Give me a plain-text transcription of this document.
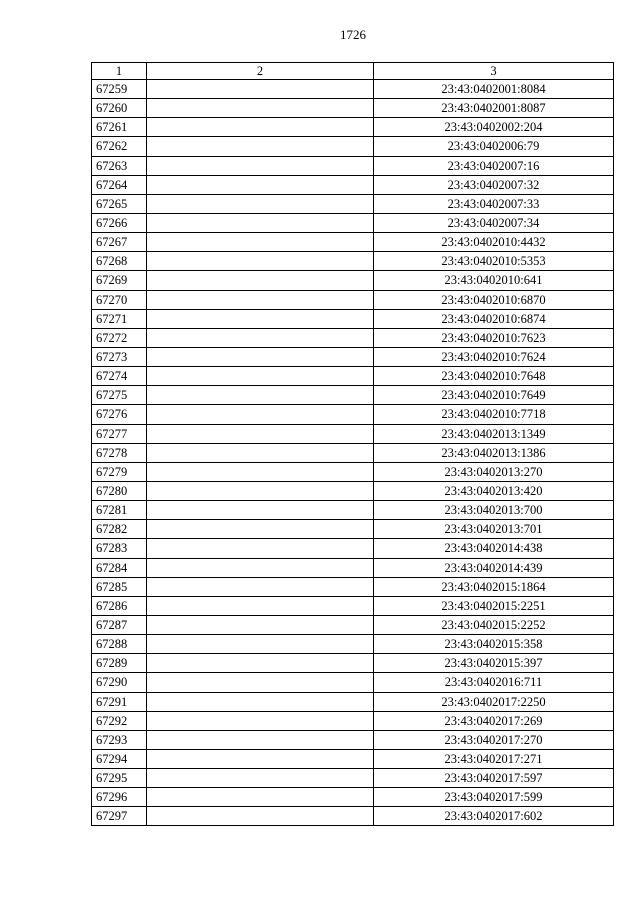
1726
1	2	3
67259		23:43:0402001:8084
67260		23:43:0402001:8087
67261		23:43:0402002:204
67262		23:43:0402006:79
67263		23:43:0402007:16
67264		23:43:0402007:32
67265		23:43:0402007:33
67266		23:43:0402007:34
67267		23:43:0402010:4432
67268		23:43:0402010:5353
67269		23:43:0402010:641
67270		23:43:0402010:6870
67271		23:43:0402010:6874
67272		23:43:0402010:7623
67273		23:43:0402010:7624
67274		23:43:0402010:7648
67275		23:43:0402010:7649
67276		23:43:0402010:7718
67277		23:43:0402013:1349
67278		23:43:0402013:1386
67279		23:43:0402013:270
67280		23:43:0402013:420
67281		23:43:0402013:700
67282		23:43:0402013:701
67283		23:43:0402014:438
67284		23:43:0402014:439
67285		23:43:0402015:1864
67286		23:43:0402015:2251
67287		23:43:0402015:2252
67288		23:43:0402015:358
67289		23:43:0402015:397
67290		23:43:0402016:711
67291		23:43:0402017:2250
67292		23:43:0402017:269
67293		23:43:0402017:270
67294		23:43:0402017:271
67295		23:43:0402017:597
67296		23:43:0402017:599
67297		23:43:0402017:602
